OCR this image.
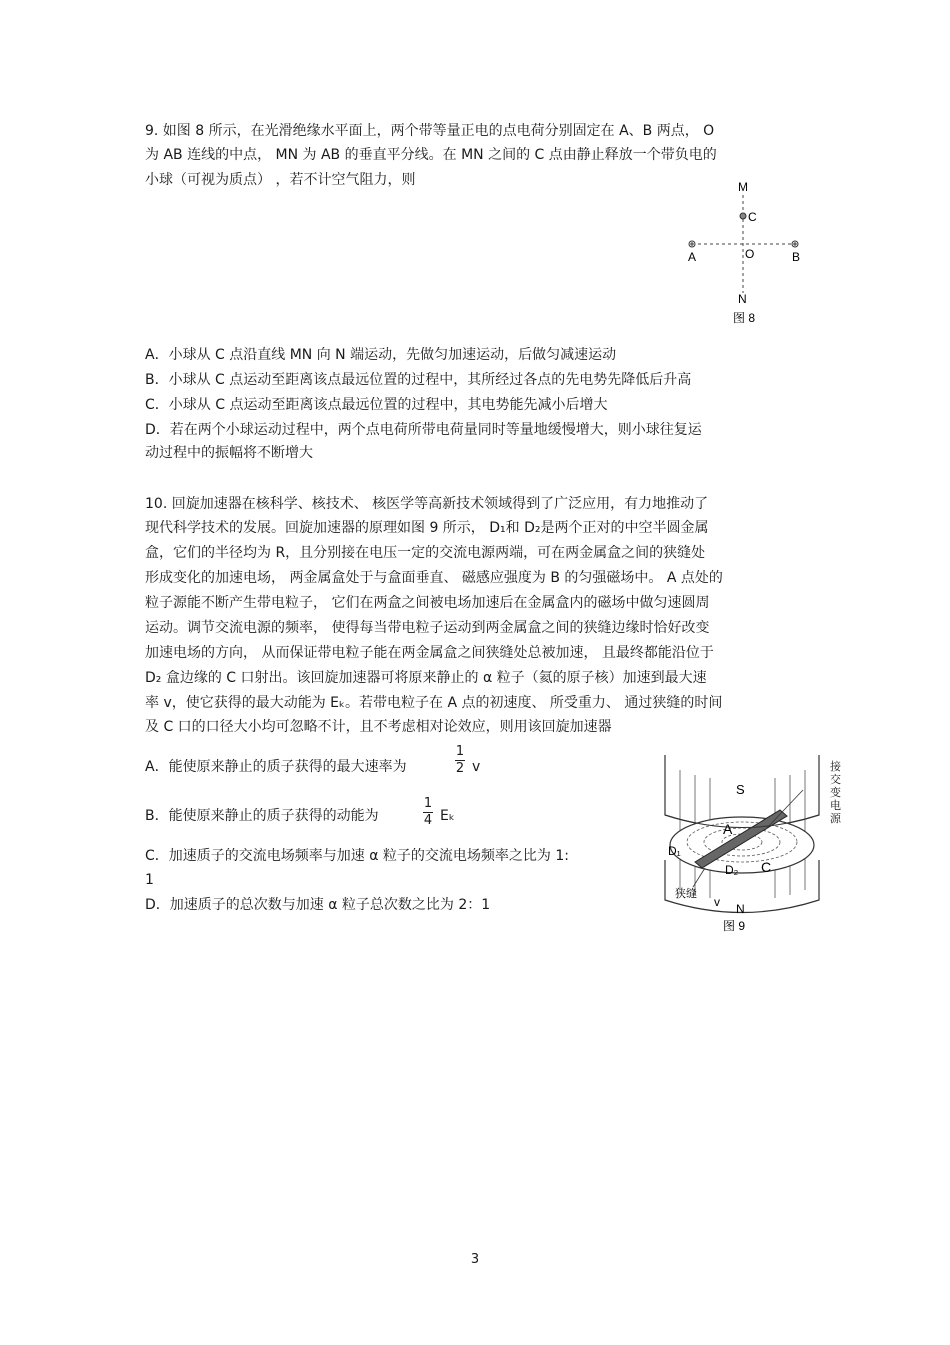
9. 如图 8 所示，在光滑绝缘水平面上，两个带等量正电的点电荷分别固定在 A、B 两点， O
为 AB 连线的中点， MN 为 AB 的垂直平分线。在 MN 之间的 C 点由静止释放一个带负电的
小球（可视为质点） ，若不计空气阻力，则	M
C
A	O	B
N
图 8
A．小球从 C 点沿直线 MN 向 N 端运动，先做匀加速运动，后做匀减速运动
B．小球从 C 点运动至距离该点最远位置的过程中，其所经过各点的先电势先降低后升高
C．小球从 C 点运动至距离该点最远位置的过程中，其电势能先减小后增大
D．若在两个小球运动过程中，两个点电荷所带电荷量同时等量地缓慢增大，则小球往复运
动过程中的振幅将不断增大
10. 回旋加速器在核科学、核技术、 核医学等高新技术领域得到了广泛应用，有力地推动了
现代科学技术的发展。回旋加速器的原理如图 9 所示， D₁和 D₂是两个正对的中空半圆金属
盒，它们的半径均为 R，且分别接在电压一定的交流电源两端，可在两金属盒之间的狭缝处
形成变化的加速电场， 两金属盒处于与盒面垂直、 磁感应强度为 B 的匀强磁场中。 A 点处的
粒子源能不断产生带电粒子， 它们在两盒之间被电场加速后在金属盒内的磁场中做匀速圆周
运动。调节交流电源的频率， 使得每当带电粒子运动到两金属盒之间的狭缝边缘时恰好改变
加速电场的方向， 从而保证带电粒子能在两金属盒之间狭缝处总被加速， 且最终都能沿位于
D₂ 盒边缘的 C 口射出。该回旋加速器可将原来静止的 α 粒子（氦的原子核）加速到最大速
率 v，使它获得的最大动能为 Eₖ。若带电粒子在 A 点的初速度、 所受重力、 通过狭缝的时间
及 C 口的口径大小均可忽略不计，且不考虑相对论效应，则用该回旋加速器
A．能使原来静止的质子获得的最大速率为
1
2 v
B．能使原来静止的质子获得的动能为
1
4 Eₖ
C．加速质子的交流电场频率与加速 α 粒子的交流电场频率之比为 1:
1
D．加速质子的总次数与加速 α 粒子总次数之比为 2：1
S
A
D₁
D₂ C
狭缝
v N
图 9
接交变电源
3
